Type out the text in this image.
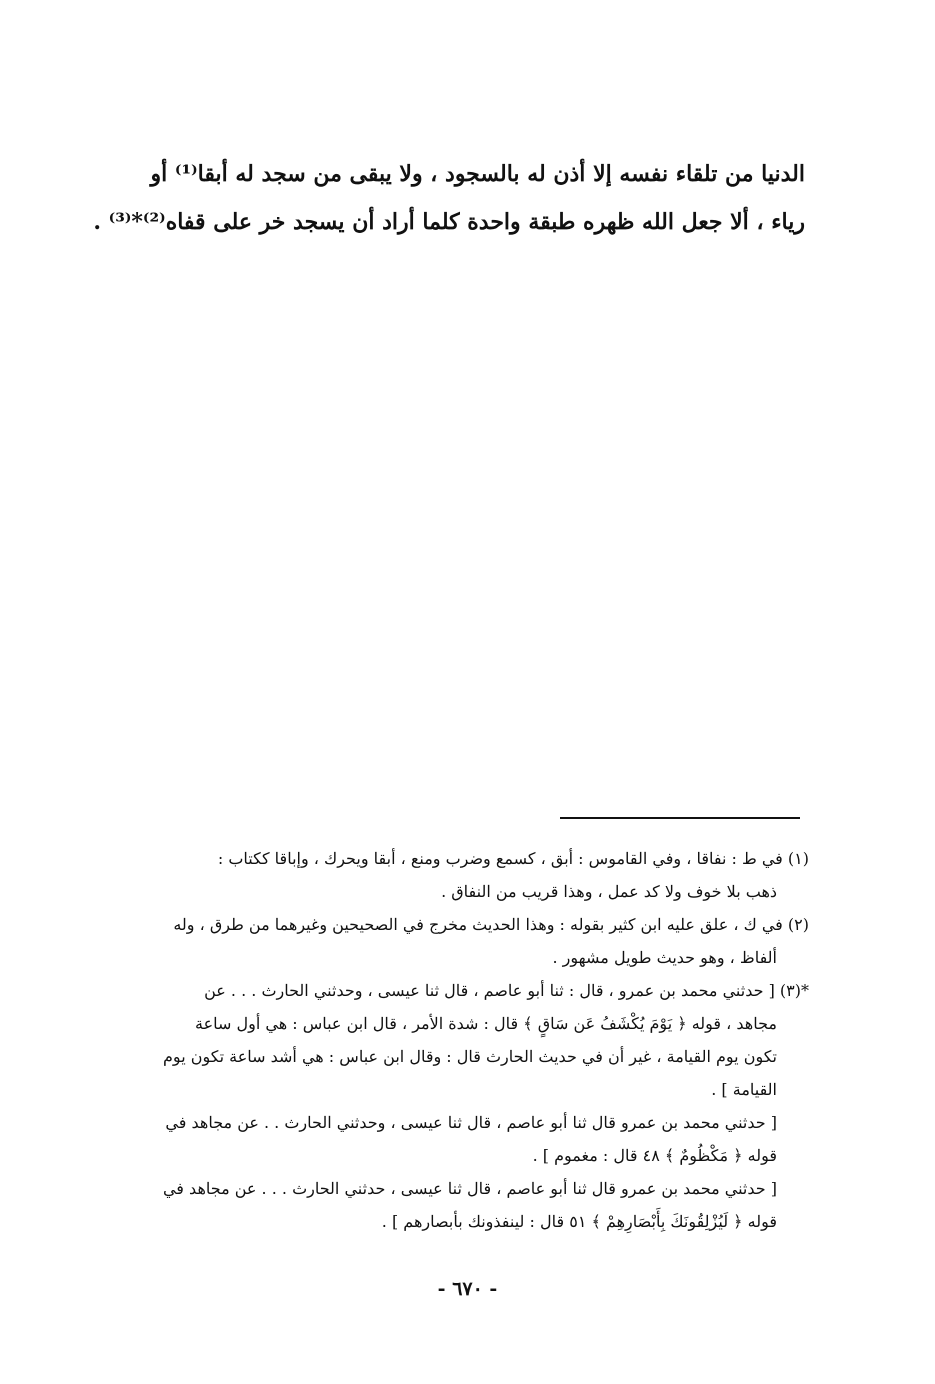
الدنيا من تلقاء نفسه إلا أذن له بالسجود ، ولا يبقى من سجد له أبقا⁽¹⁾ أو
رياء ، ألا جعل الله ظهره طبقة واحدة كلما أراد أن يسجد خر على قفاه⁽²⁾*⁽³⁾ .
(١) في ط : نفاقا ، وفي القاموس : أبق ، كسمع وضرب ومنع ، أبقا ويحرك ، وإباقا ككتاب :
ذهب بلا خوف ولا كد عمل ، وهذا قريب من النفاق .
(٢) في ك ، علق عليه ابن كثير بقوله : وهذا الحديث مخرج في الصحيحين وغيرهما من طرق ، وله
ألفاظ ، وهو حديث طويل مشهور .
*(٣) [ حدثني محمد بن عمرو ، قال : ثنا أبو عاصم ، قال ثنا عيسى ، وحدثني الحارث . . . عن
مجاهد ، قوله ﴿ يَوْمَ يُكْشَفُ عَن سَاقٍ ﴾ قال : شدة الأمر ، قال ابن عباس : هي أول ساعة
تكون يوم القيامة ، غير أن في حديث الحارث قال : وقال ابن عباس : هي أشد ساعة تكون يوم
القيامة ] .
[ حدثني محمد بن عمرو قال ثنا أبو عاصم ، قال ثنا عيسى ، وحدثني الحارث . . عن مجاهد في
قوله ﴿ مَكْظُومٌ ﴾ ٤٨ قال : مغموم ] .
[ حدثني محمد بن عمرو قال ثنا أبو عاصم ، قال ثنا عيسى ، حدثني الحارث . . . عن مجاهد في
قوله ﴿ لَيُزْلِقُونَكَ بِأَبْصَارِهِمْ ﴾ ٥١ قال : لينفذونك بأبصارهم ] .
- ٦٧٠ -
